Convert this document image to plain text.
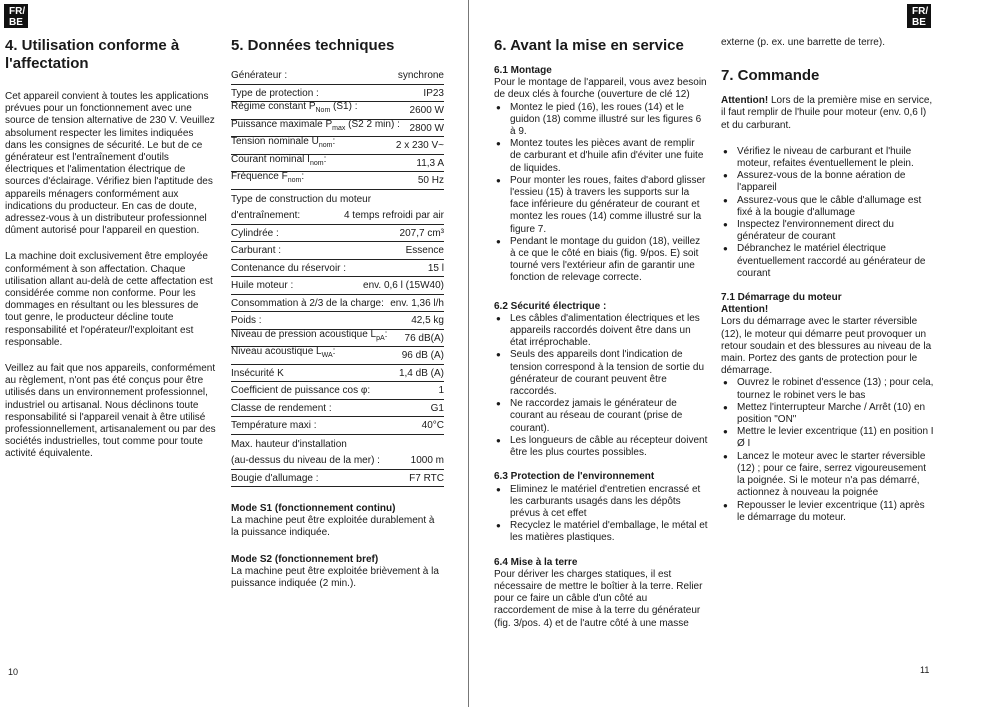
FR/
BE
FR/
BE
4. Utilisation conforme à l'affectation

Cet appareil convient à toutes les applications prévues pour un fonctionnement avec une source de tension alternative de 230 V. Veuillez absolument respecter les limites indiquées dans les consignes de sécurité. Le but de ce générateur est l'entraînement d'outils électriques et l'alimentation électrique de sources d'éclairage. Vérifiez bien l'aptitude des appareils ménagers conformément aux indications du producteur. En cas de doute, adressez-vous à un distributeur professionnel dûment autorisé pour l'appareil en question.

La machine doit exclusivement être employée conformément à son affectation. Chaque utilisation allant au-delà de cette affectation est considérée comme non conforme. Pour les dommages en résultant ou les blessures de tout genre, le producteur décline toute responsabilité et l'opérateur/l'exploitant est responsable.

Veillez au fait que nos appareils, conformément au règlement, n'ont pas été conçus pour être utilisés dans un environnement professionnel, industriel ou artisanal. Nous déclinons toute responsabilité si l'appareil venait à être utilisé professionnellement, artisanalement ou par des sociétés industrielles, tout comme pour toute activité équivalente.

5. Données techniques
Générateur :	synchrone
Type de protection :	IP23
Régime constant $P_{Nom}$ (S1) :	2600 W
Puissance maximale $P_{max}$ (S2 2 min) : 2800 W
Tension nominale $U_{nom}$:	2 x 230 V~
Courant nominal $I_{nom}$:	11,3 A
Fréquence $F_{nom}$:	50 Hz
Type de construction du moteur
d'entraînement:	4 temps refroidi par air
Cylindrée :	207,7 cm³
Carburant :	Essence
Contenance du réservoir :	15 l
Huile moteur :	env. 0,6 l (15W40)
Consommation à 2/3 de la charge: env. 1,36 l/h
Poids :	42,5 kg
Niveau de pression acoustique $L_{pA}$: 76 dB(A)
Niveau acoustique $L_{WA}$:	96 dB (A)
Insécurité K	1,4 dB (A)
Coefficient de puissance cos φ:	1
Classe de rendement :	G1
Température maxi :	40°C
Max. hauteur d'installation
(au-dessus du niveau de la mer) :	1000 m
Bougie d'allumage :	F7 RTC
Mode S1 (fonctionnement continu)
La machine peut être exploitée durablement à la puissance indiquée.
Mode S2 (fonctionnement bref)
La machine peut être exploitée brièvement à la puissance indiquée (2 min.).
10
6. Avant la mise en service
6.1 Montage
Pour le montage de l'appareil, vous avez besoin de deux clés à fourche (ouverture de clé 12)
● Montez le pied (16), les roues (14) et le guidon (18) comme illustré sur les figures 6 à 9.
● Montez toutes les pièces avant de remplir de carburant et d'huile afin d'éviter une fuite de liquides.
● Pour monter les roues, faites d'abord glisser l'essieu (15) à travers les supports sur la face inférieure du générateur de courant et montez les roues (14) comme illustré sur la figure 7.
● Pendant le montage du guidon (18), veillez à ce que le côté en biais (fig. 9/pos. E) soit tourné vers l'extérieur afin de garantir une fonction de relevage correcte.
6.2 Sécurité électrique :
● Les câbles d'alimentation électriques et les appareils raccordés doivent être dans un état irréprochable.
● Seuls des appareils dont l'indication de tension correspond à la tension de sortie du générateur de courant peuvent être raccordés.
● Ne raccordez jamais le générateur de courant au réseau de courant (prise de courant).
● Les longueurs de câble au récepteur doivent être les plus courtes possibles.
6.3 Protection de l'environnement
● Eliminez le matériel d'entretien encrassé et les carburants usagés dans les dépôts prévus à cet effet
● Recyclez le matériel d'emballage, le métal et les matières plastiques.
6.4 Mise à la terre
Pour dériver les charges statiques, il est nécessaire de mettre le boîtier à la terre. Relier pour ce faire un câble d'un côté au raccordement de mise à la terre du générateur (fig. 3/pos. 4) et de l'autre côté à une masse
externe (p. ex. une barrette de terre).
7. Commande
Attention! Lors de la première mise en service, il faut remplir de l'huile pour moteur (env. 0,6 l) et du carburant.
● Vérifiez le niveau de carburant et l'huile moteur, refaites éventuellement le plein.
● Assurez-vous de la bonne aération de l'appareil
● Assurez-vous que le câble d'allumage est fixé à la bougie d'allumage
● Inspectez l'environnement direct du générateur de courant
● Débranchez le matériel électrique éventuellement raccordé au générateur de courant
7.1 Démarrage du moteur
Attention!
Lors du démarrage avec le starter réversible (12), le moteur qui démarre peut provoquer un retour soudain et des blessures au niveau de la main. Portez des gants de protection pour le démarrage.
● Ouvrez le robinet d'essence (13) ; pour cela, tournez le robinet vers le bas
● Mettez l'interrupteur Marche / Arrêt (10) en position "ON"
● Mettre le levier excentrique (11) en position I Ø I
● Lancez le moteur avec le starter réversible (12) ; pour ce faire, serrez vigoureusement la poignée. Si le moteur n'a pas démarré, actionnez à nouveau la poignée
● Repousser le levier excentrique (11) après le démarrage du moteur.
11
